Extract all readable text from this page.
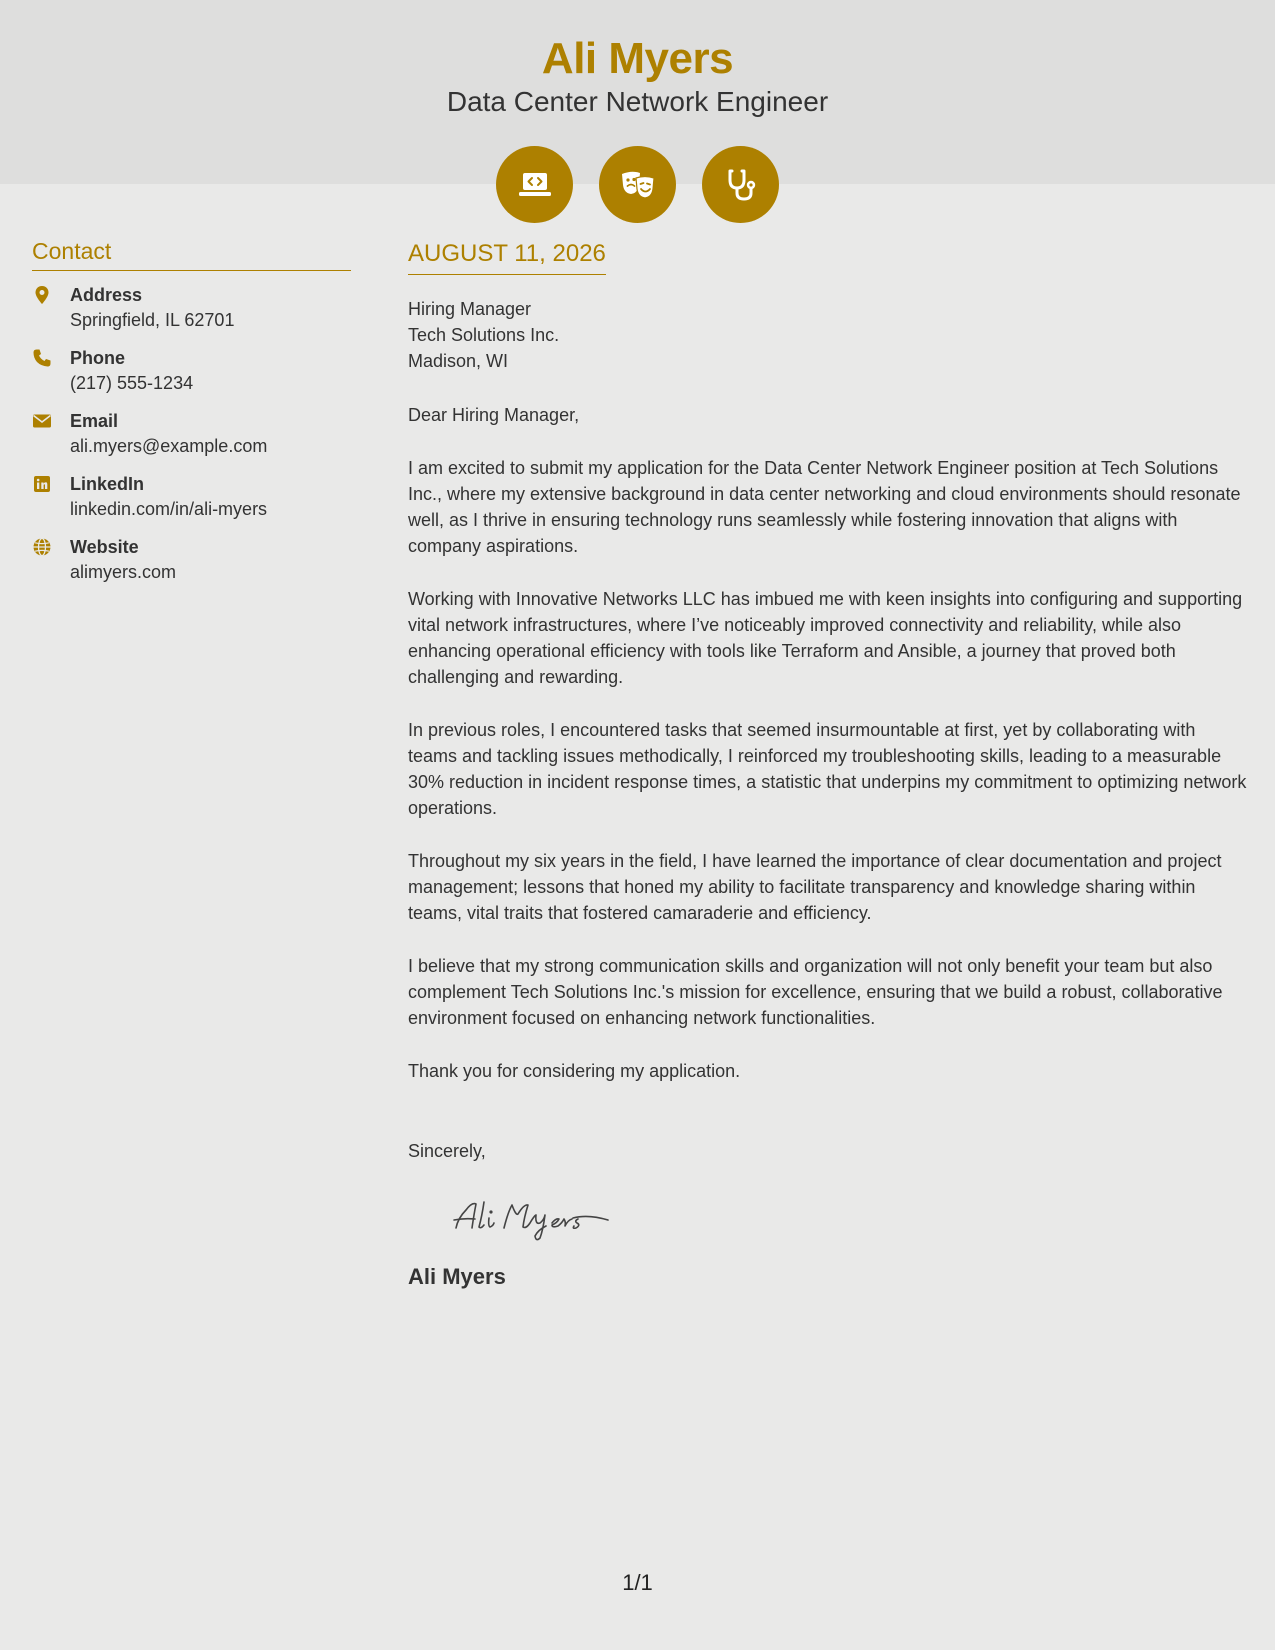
Ali Myers
Data Center Network Engineer
Contact
Address
Springfield, IL 62701
Phone
(217) 555-1234
Email
ali.myers@example.com
LinkedIn
linkedin.com/in/ali-myers
Website
alimyers.com
AUGUST 11, 2026
Hiring Manager
Tech Solutions Inc.
Madison, WI
Dear Hiring Manager,
I am excited to submit my application for the Data Center Network Engineer position at Tech Solutions Inc., where my extensive background in data center networking and cloud environments should resonate well, as I thrive in ensuring technology runs seamlessly while fostering innovation that aligns with company aspirations.
Working with Innovative Networks LLC has imbued me with keen insights into configuring and supporting vital network infrastructures, where I’ve noticeably improved connectivity and reliability, while also enhancing operational efficiency with tools like Terraform and Ansible, a journey that proved both challenging and rewarding.
In previous roles, I encountered tasks that seemed insurmountable at first, yet by collaborating with teams and tackling issues methodically, I reinforced my troubleshooting skills, leading to a measurable 30% reduction in incident response times, a statistic that underpins my commitment to optimizing network operations.
Throughout my six years in the field, I have learned the importance of clear documentation and project management; lessons that honed my ability to facilitate transparency and knowledge sharing within teams, vital traits that fostered camaraderie and efficiency.
I believe that my strong communication skills and organization will not only benefit your team but also complement Tech Solutions Inc.'s mission for excellence, ensuring that we build a robust, collaborative environment focused on enhancing network functionalities.
Thank you for considering my application.
Sincerely,
Ali Myers
1/1
